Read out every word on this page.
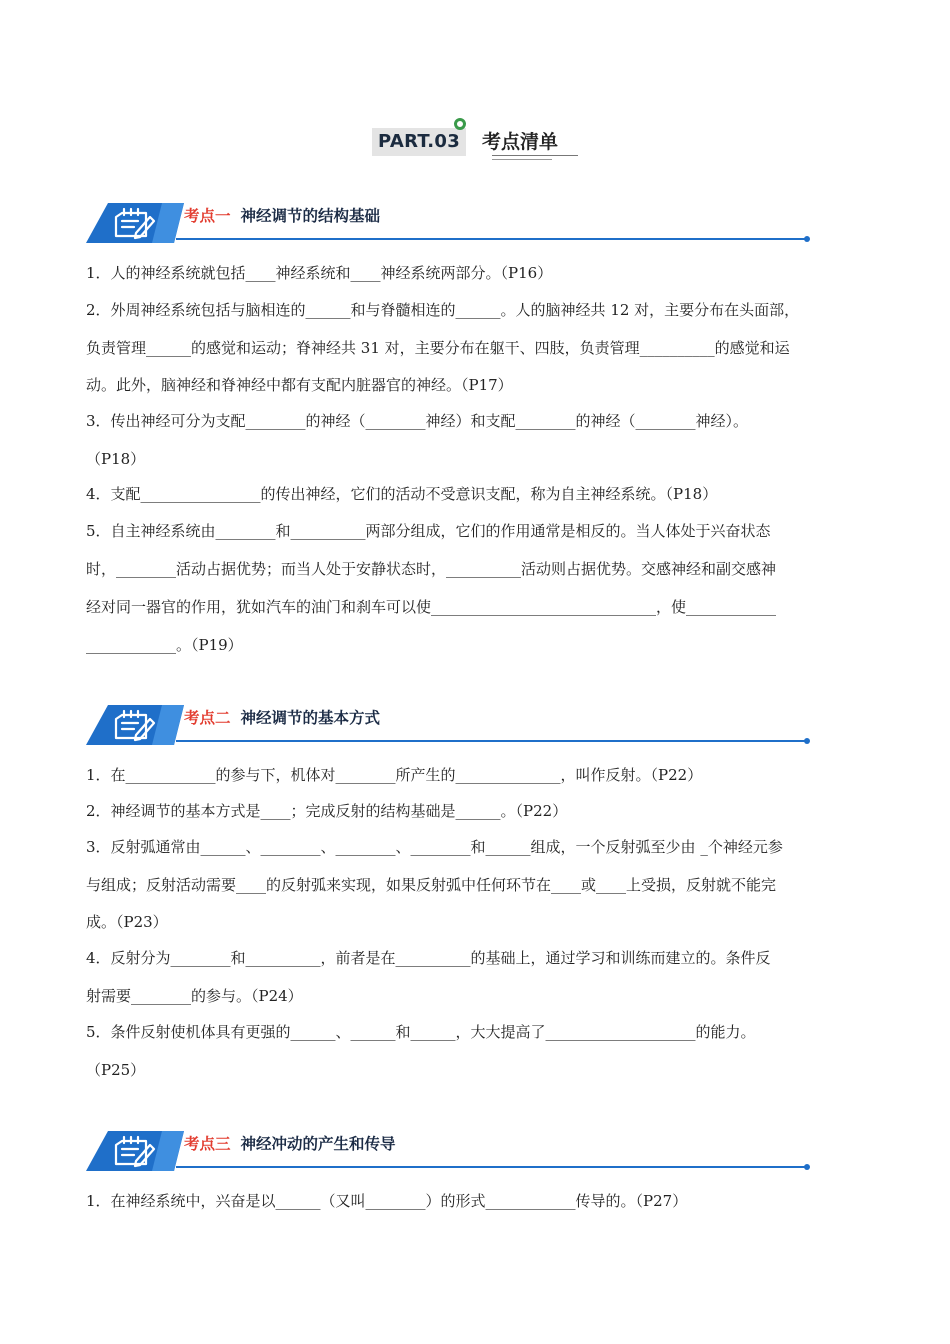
PART.03	考点清单
考点一 神经调节的结构基础
1．人的神经系统就包括____神经系统和____神经系统两部分。（P16）
2．外周神经系统包括与脑相连的______和与脊髓相连的______。人的脑神经共 12 对，主要分布在头面部，
负责管理______的感觉和运动；脊神经共 31 对，主要分布在躯干、四肢，负责管理__________的感觉和运
动。此外，脑神经和脊神经中都有支配内脏器官的神经。（P17）
3．传出神经可分为支配________的神经（________神经）和支配________的神经（________神经）。
（P18）
4．支配________________的传出神经，它们的活动不受意识支配，称为自主神经系统。（P18）
5．自主神经系统由________和__________两部分组成，它们的作用通常是相反的。当人体处于兴奋状态
时，________活动占据优势；而当人处于安静状态时，__________活动则占据优势。交感神经和副交感神
经对同一器官的作用，犹如汽车的油门和刹车可以使______________________________，使____________
____________。（P19）
考点二 神经调节的基本方式
1．在____________的参与下，机体对________所产生的______________，叫作反射。（P22）
2．神经调节的基本方式是____；完成反射的结构基础是______。（P22）
3．反射弧通常由______、________、________、________和______组成，一个反射弧至少由 _个神经元参
与组成；反射活动需要____的反射弧来实现，如果反射弧中任何环节在____或____上受损，反射就不能完
成。（P23）
4．反射分为________和__________，前者是在__________的基础上，通过学习和训练而建立的。条件反
射需要________的参与。（P24）
5．条件反射使机体具有更强的______、______和______，大大提高了____________________的能力。
（P25）
考点三 神经冲动的产生和传导
1．在神经系统中，兴奋是以______（又叫________）的形式____________传导的。（P27）
